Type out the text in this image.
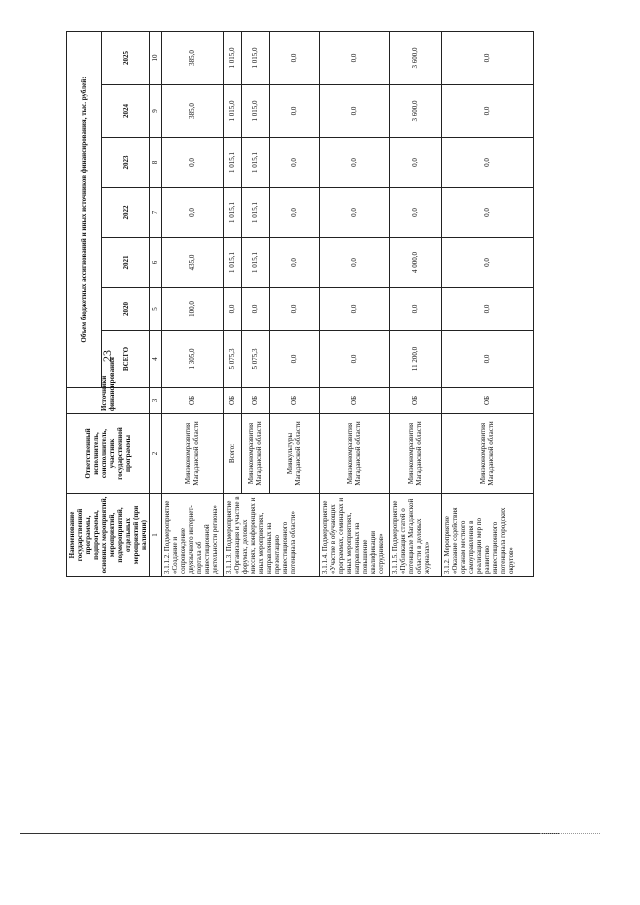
23
Наименование государственной программы, подпрограммы, основных мероприятий, мероприятий, подмероприятий, отдельных мероприятий (при наличии)	Ответственный исполнитель, соисполнитель, участник государственной программы	Источники финансирования	Объем бюджетных ассигнований и иных источников финансирования, тыс. рублей:						
			ВСЕГО	2020	2021	2022	2023	2024	2025
1	2	3	4	5	6	7	8	9	10
3.1.1.2. Подмероприятие «Создание и сопровождение двуязычного интернет-портала об инвестиционной деятельности региона»	Минэкономразвития Магаданской области	ОБ	1 305,0	100,0	435,0	0,0	0,0	385,0	385,0
3.1.1.3. Подмероприятие «Организация и участие в форумах, деловых миссиях, конференциях и иных мероприятиях, направленных на презентацию инвестиционного потенциала области»	Всего:	ОБ	5 075,3	0,0	1 015,1	1 015,1	1 015,1	1 015,0	1 015,0
	Минэкономразвития Магаданской области	ОБ	5 075,3	0,0	1 015,1	1 015,1	1 015,1	1 015,0	1 015,0
	Минкультуры Магаданской области	ОБ	0,0	0,0	0,0	0,0	0,0	0,0	0,0
3.1.1.4. Подмероприятие «Участие в обучающих программах, семинарах и иных мероприятиях, направленных на повышение квалификации сотрудников»	Минэкономразвития Магаданской области	ОБ	0,0	0,0	0,0	0,0	0,0	0,0	0,0
3.1.1.5. Подмероприятие «Публикация статей о потенциале Магаданской области в деловых журналах»	Минэкономразвития Магаданской области	ОБ	11 200,0	0,0	4 000,0	0,0	0,0	3 600,0	3 600,0
3.1.2. Мероприятие «Оказание содействия органам местного самоуправления в реализации мер по развитию инвестиционного потенциала городских округов»	Минэкономразвития Магаданской области	ОБ	0,0	0,0	0,0	0,0	0,0	0,0	0,0
